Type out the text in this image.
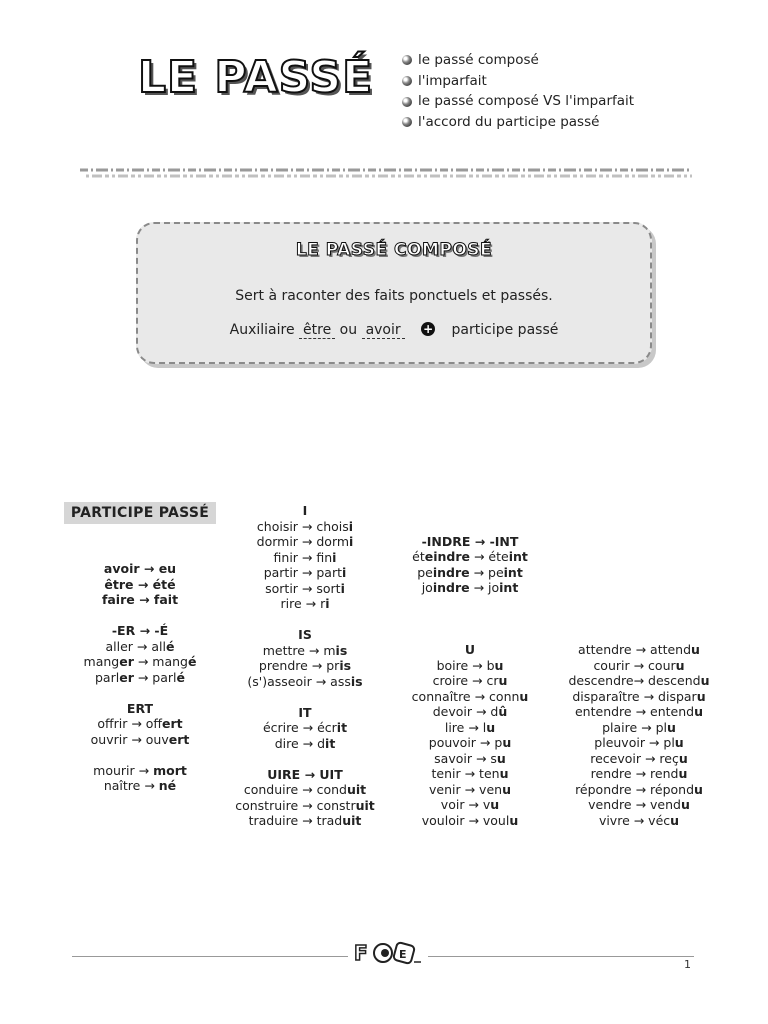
LE PASSÉ	le passé composé
l'imparfait
le passé composé VS l'imparfait
l'accord du participe passé
LE PASSÉ COMPOSÉ
Sert à raconter des faits ponctuels et passés.
Auxiliaire être ou avoir + participe passé
PARTICIPE PASSÉ
avoir → eu
être → été
faire → fait
-ER → -É
aller → allé
manger → mangé
parler → parlé
ERT
offrir → offert
ouvrir → ouvert
mourir → mort
naître → né
I
choisir → choisi
dormir → dormi
finir → fini
partir → parti
sortir → sorti
rire → ri
IS
mettre → mis
prendre → pris
(s')asseoir → assis
IT
écrire → écrit
dire → dit
UIRE → UIT
conduire → conduit
construire → construit
traduire → traduit
-INDRE → -INT
éteindre → éteint
peindre → peint
joindre → joint
U
boire → bu
croire → cru
connaître → connu
devoir → dû
lire → lu
pouvoir → pu
savoir → su
tenir → tenu
venir → venu
voir → vu
vouloir → voulu
attendre → attendu
courir → couru
descendre→ descendu
disparaître → disparu
entendre → entendu
plaire → plu
pleuvoir → plu
recevoir → reçu
rendre → rendu
répondre → répondu
vendre → vendu
vivre → vécu
F	E
1
